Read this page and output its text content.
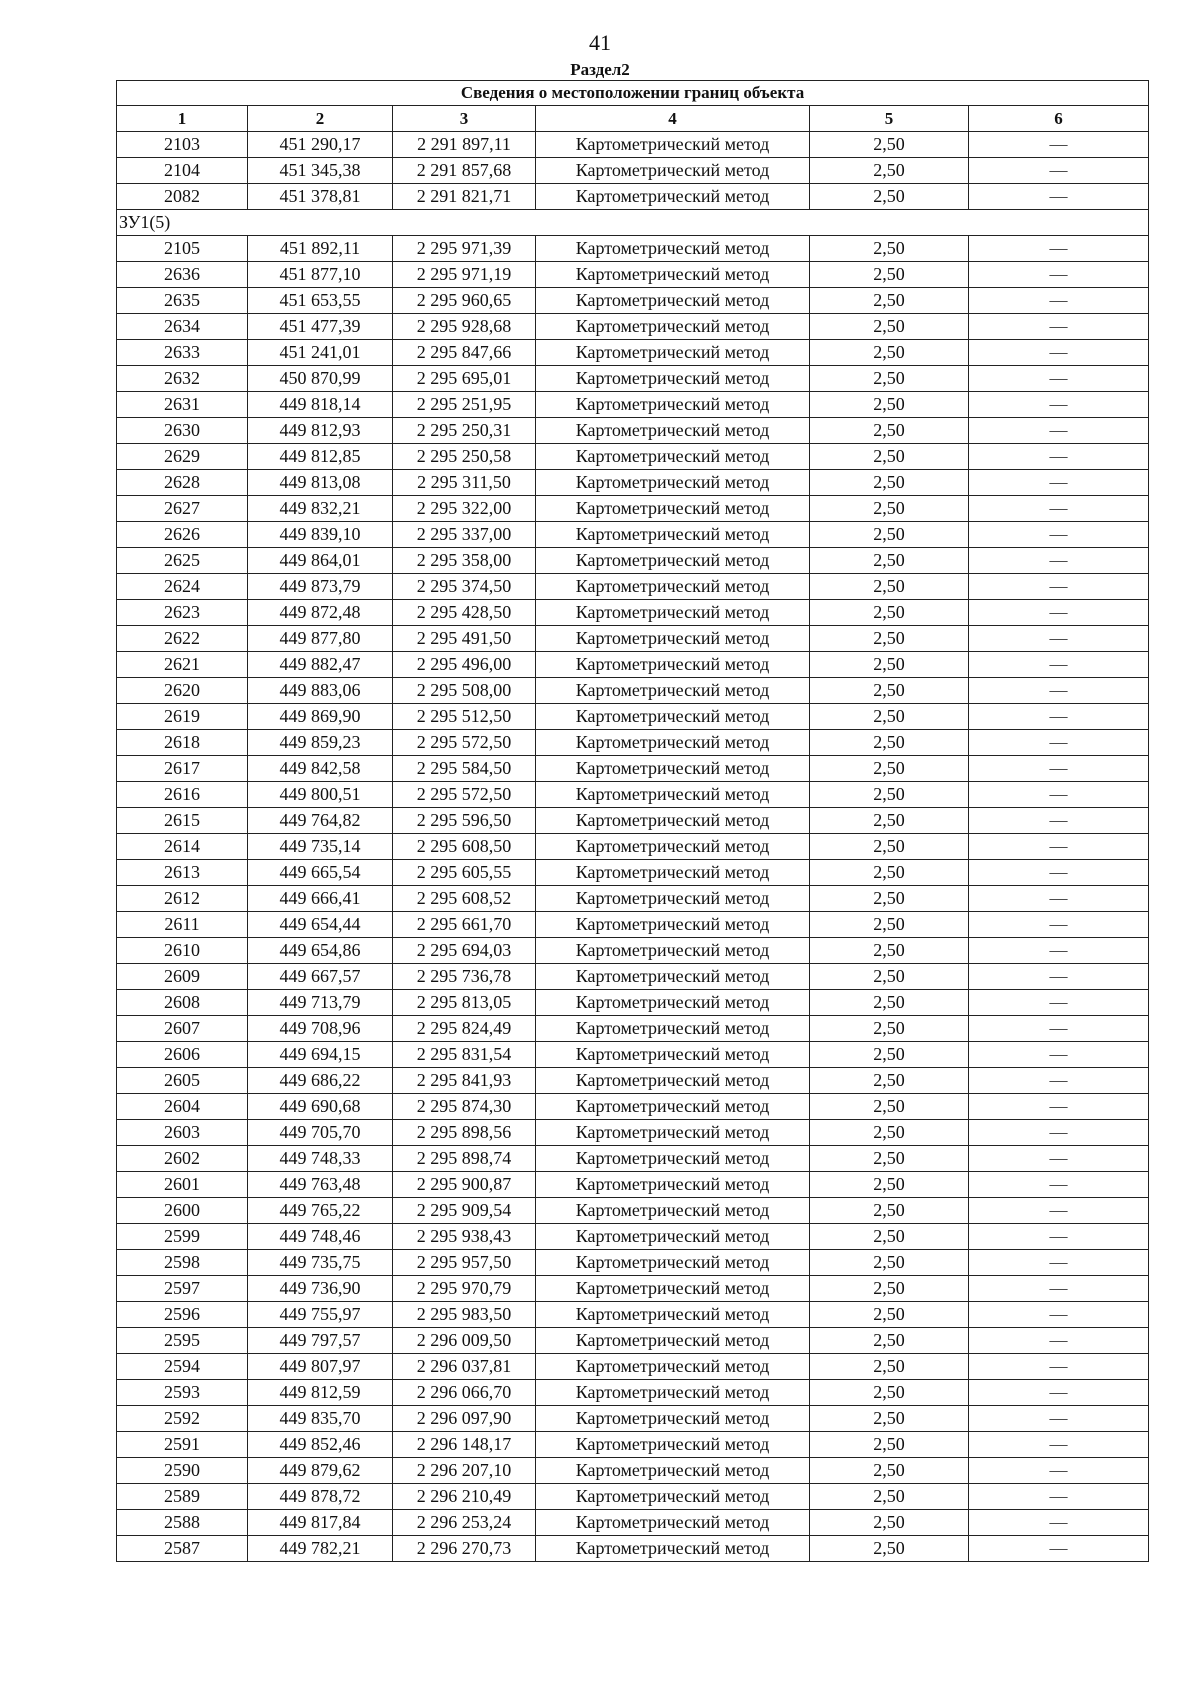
41
Раздел2
Сведения о местоположении границ объекта					
1	2	3	4	5	6
2103	451 290,17	2 291 897,11	Картометрический метод	2,50	—
2104	451 345,38	2 291 857,68	Картометрический метод	2,50	—
2082	451 378,81	2 291 821,71	Картометрический метод	2,50	—
ЗУ1(5)					
2105	451 892,11	2 295 971,39	Картометрический метод	2,50	—
2636	451 877,10	2 295 971,19	Картометрический метод	2,50	—
2635	451 653,55	2 295 960,65	Картометрический метод	2,50	—
2634	451 477,39	2 295 928,68	Картометрический метод	2,50	—
2633	451 241,01	2 295 847,66	Картометрический метод	2,50	—
2632	450 870,99	2 295 695,01	Картометрический метод	2,50	—
2631	449 818,14	2 295 251,95	Картометрический метод	2,50	—
2630	449 812,93	2 295 250,31	Картометрический метод	2,50	—
2629	449 812,85	2 295 250,58	Картометрический метод	2,50	—
2628	449 813,08	2 295 311,50	Картометрический метод	2,50	—
2627	449 832,21	2 295 322,00	Картометрический метод	2,50	—
2626	449 839,10	2 295 337,00	Картометрический метод	2,50	—
2625	449 864,01	2 295 358,00	Картометрический метод	2,50	—
2624	449 873,79	2 295 374,50	Картометрический метод	2,50	—
2623	449 872,48	2 295 428,50	Картометрический метод	2,50	—
2622	449 877,80	2 295 491,50	Картометрический метод	2,50	—
2621	449 882,47	2 295 496,00	Картометрический метод	2,50	—
2620	449 883,06	2 295 508,00	Картометрический метод	2,50	—
2619	449 869,90	2 295 512,50	Картометрический метод	2,50	—
2618	449 859,23	2 295 572,50	Картометрический метод	2,50	—
2617	449 842,58	2 295 584,50	Картометрический метод	2,50	—
2616	449 800,51	2 295 572,50	Картометрический метод	2,50	—
2615	449 764,82	2 295 596,50	Картометрический метод	2,50	—
2614	449 735,14	2 295 608,50	Картометрический метод	2,50	—
2613	449 665,54	2 295 605,55	Картометрический метод	2,50	—
2612	449 666,41	2 295 608,52	Картометрический метод	2,50	—
2611	449 654,44	2 295 661,70	Картометрический метод	2,50	—
2610	449 654,86	2 295 694,03	Картометрический метод	2,50	—
2609	449 667,57	2 295 736,78	Картометрический метод	2,50	—
2608	449 713,79	2 295 813,05	Картометрический метод	2,50	—
2607	449 708,96	2 295 824,49	Картометрический метод	2,50	—
2606	449 694,15	2 295 831,54	Картометрический метод	2,50	—
2605	449 686,22	2 295 841,93	Картометрический метод	2,50	—
2604	449 690,68	2 295 874,30	Картометрический метод	2,50	—
2603	449 705,70	2 295 898,56	Картометрический метод	2,50	—
2602	449 748,33	2 295 898,74	Картометрический метод	2,50	—
2601	449 763,48	2 295 900,87	Картометрический метод	2,50	—
2600	449 765,22	2 295 909,54	Картометрический метод	2,50	—
2599	449 748,46	2 295 938,43	Картометрический метод	2,50	—
2598	449 735,75	2 295 957,50	Картометрический метод	2,50	—
2597	449 736,90	2 295 970,79	Картометрический метод	2,50	—
2596	449 755,97	2 295 983,50	Картометрический метод	2,50	—
2595	449 797,57	2 296 009,50	Картометрический метод	2,50	—
2594	449 807,97	2 296 037,81	Картометрический метод	2,50	—
2593	449 812,59	2 296 066,70	Картометрический метод	2,50	—
2592	449 835,70	2 296 097,90	Картометрический метод	2,50	—
2591	449 852,46	2 296 148,17	Картометрический метод	2,50	—
2590	449 879,62	2 296 207,10	Картометрический метод	2,50	—
2589	449 878,72	2 296 210,49	Картометрический метод	2,50	—
2588	449 817,84	2 296 253,24	Картометрический метод	2,50	—
2587	449 782,21	2 296 270,73	Картометрический метод	2,50	—
